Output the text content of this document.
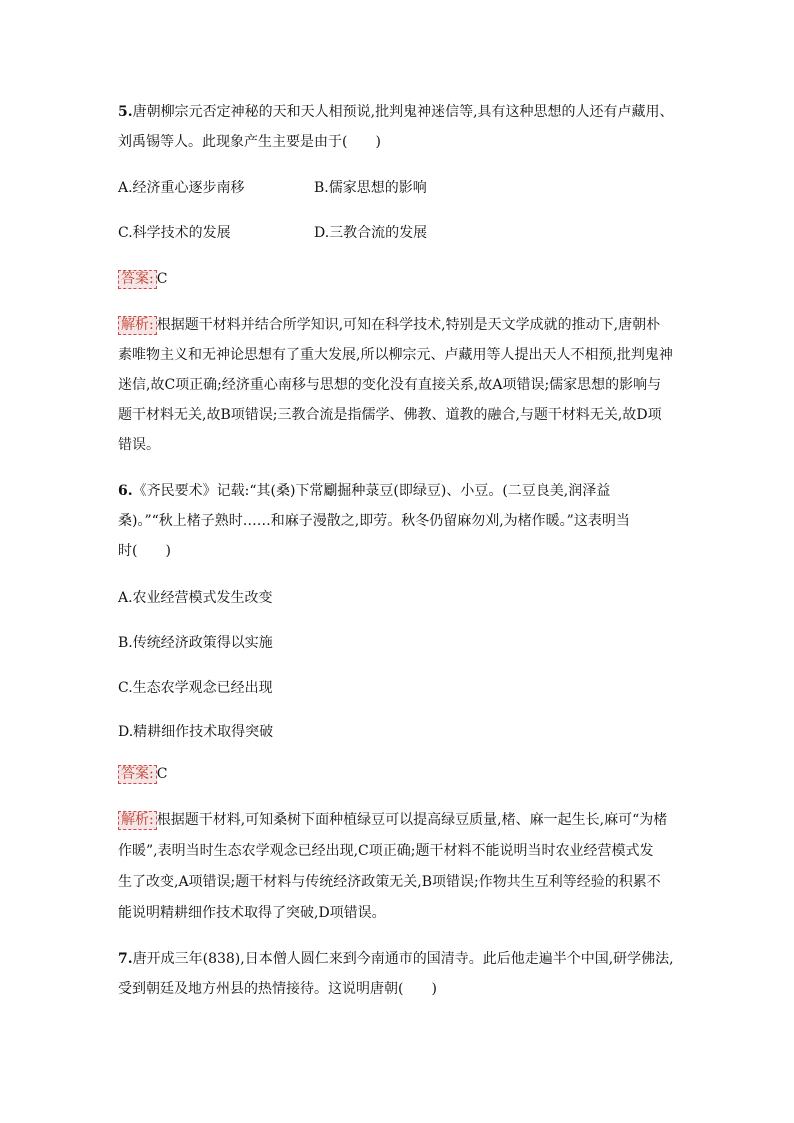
5.唐朝柳宗元否定神秘的天和天人相预说,批判鬼神迷信等,具有这种思想的人还有卢藏用、
刘禹锡等人。此现象产生主要是由于(　　)
A.经济重心逐步南移	B.儒家思想的影响
C.科学技术的发展	D.三教合流的发展
答案: C
解析: 根据题干材料并结合所学知识,可知在科学技术,特别是天文学成就的推动下,唐朝朴
素唯物主义和无神论思想有了重大发展,所以柳宗元、卢藏用等人提出天人不相预,批判鬼神
迷信,故C项正确;经济重心南移与思想的变化没有直接关系,故A项错误;儒家思想的影响与
题干材料无关,故B项错误;三教合流是指儒学、佛教、道教的融合,与题干材料无关,故D项
错误。
6.《齐民要术》记载:“其(桑)下常劚掘种菉豆(即绿豆)、小豆。(二豆良美,润泽益
桑)。”“秋上楮子熟时……和麻子漫散之,即劳。秋冬仍留麻勿刈,为楮作暖。”这表明当
时(　　)
A.农业经营模式发生改变
B.传统经济政策得以实施
C.生态农学观念已经出现
D.精耕细作技术取得突破
答案: C
解析: 根据题干材料,可知桑树下面种植绿豆可以提高绿豆质量,楮、麻一起生长,麻可“为楮
作暖”,表明当时生态农学观念已经出现,C项正确;题干材料不能说明当时农业经营模式发
生了改变,A项错误;题干材料与传统经济政策无关,B项错误;作物共生互利等经验的积累不
能说明精耕细作技术取得了突破,D项错误。
7.唐开成三年(838),日本僧人圆仁来到今南通市的国清寺。此后他走遍半个中国,研学佛法,
受到朝廷及地方州县的热情接待。这说明唐朝(　　)
